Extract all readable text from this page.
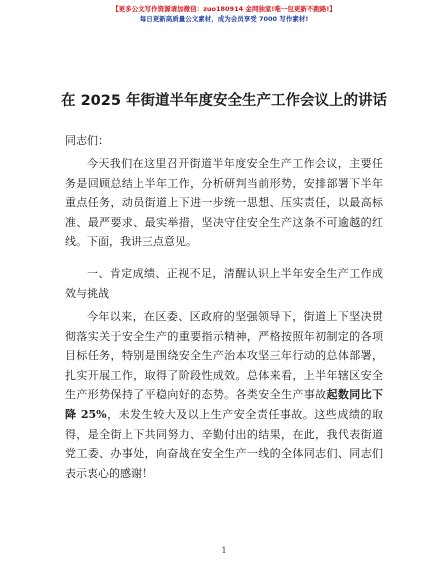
【更多公文写作资源请加微信：zuo180914 金网独家!唯一包更新不跑路!】
每日更新高质量公文素材，成为会员享受 7000 写作素材!
在 2025 年街道半年度安全生产工作会议上的讲话
同志们：
今天我们在这里召开街道半年度安全生产工作会议，主要任务是回顾总结上半年工作，分析研判当前形势，安排部署下半年重点任务，动员街道上下进一步统一思想、压实责任，以最高标准、最严要求、最实举措，坚决守住安全生产这条不可逾越的红线。下面，我讲三点意见。
一、肯定成绩、正视不足，清醒认识上半年安全生产工作成效与挑战
今年以来，在区委、区政府的坚强领导下，街道上下坚决贯彻落实关于安全生产的重要指示精神，严格按照年初制定的各项目标任务，特别是围绕安全生产治本攻坚三年行动的总体部署，扎实开展工作，取得了阶段性成效。总体来看，上半年辖区安全生产形势保持了平稳向好的态势。各类安全生产事故起数同比下降 25%，未发生较大及以上生产安全责任事故。这些成绩的取得，是全街上下共同努力、辛勤付出的结果，在此，我代表街道党工委、办事处，向奋战在安全生产一线的全体同志们、同志们表示衷心的感谢！
1
